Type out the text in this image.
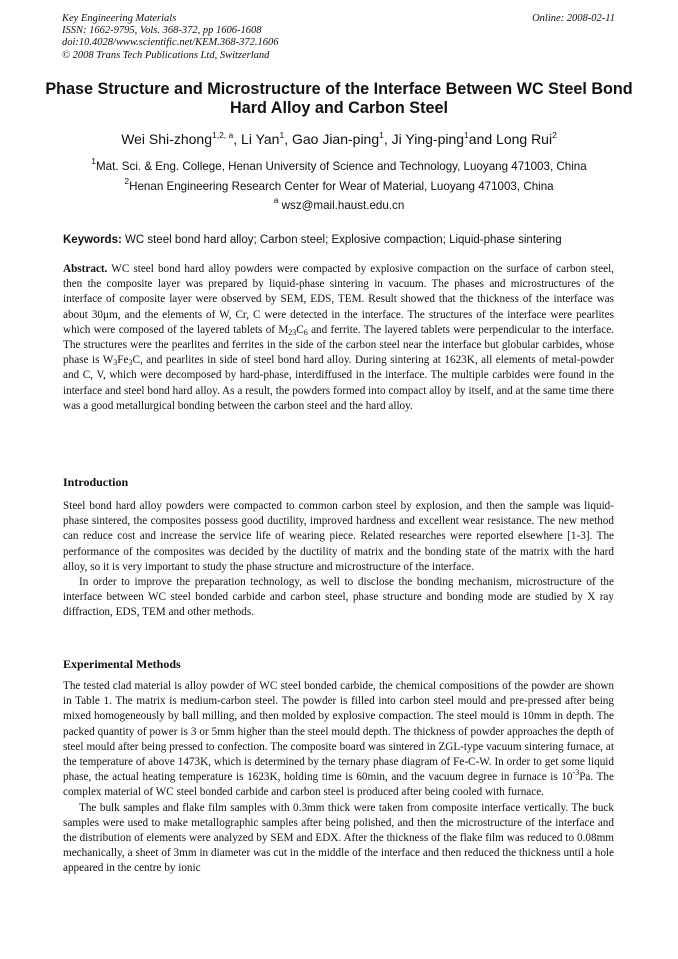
Key Engineering Materials
ISSN: 1662-9795, Vols. 368-372, pp 1606-1608
doi:10.4028/www.scientific.net/KEM.368-372.1606
© 2008 Trans Tech Publications Ltd, Switzerland
Online: 2008-02-11
Phase Structure and Microstructure of the Interface Between WC Steel Bond Hard Alloy and Carbon Steel
Wei Shi-zhong$^{1,2, a}$, Li Yan$^1$, Gao Jian-ping$^1$, Ji Ying-ping$^1$and Long Rui$^2$
$^1$Mat. Sci. & Eng. College, Henan University of Science and Technology, Luoyang 471003, China
$^2$Henan Engineering Research Center for Wear of Material, Luoyang 471003, China
$^a$ wsz@mail.haust.edu.cn
Keywords: WC steel bond hard alloy; Carbon steel; Explosive compaction; Liquid-phase sintering

Abstract. WC steel bond hard alloy powders were compacted by explosive compaction on the surface of carbon steel, then the composite layer was prepared by liquid-phase sintering in vacuum. The phases and microstructures of the interface of composite layer were observed by SEM, EDS, TEM. Result showed that the thickness of the interface was about 30μm, and the elements of W, Cr, C were detected in the interface. The structures of the interface were pearlites which were composed of the layered tablets of $M_{23}C_6$ and ferrite. The layered tablets were perpendicular to the interface. The structures were the pearlites and ferrites in the side of the carbon steel near the interface but globular carbides, whose phase is $W_3Fe_3C$, and pearlites in side of steel bond hard alloy. During sintering at 1623K, all elements of metal-powder and C, V, which were decomposed by hard-phase, interdiffused in the interface. The multiple carbides were found in the interface and steel bond hard alloy. As a result, the powders formed into compact alloy by itself, and at the same time there was a good metallurgical bonding between the carbon steel and the hard alloy.

Introduction

Steel bond hard alloy powders were compacted to common carbon steel by explosion, and then the sample was liquid-phase sintered, the composites possess good ductility, improved hardness and excellent wear resistance. The new method can reduce cost and increase the service life of wearing piece. Related researches were reported elsewhere [1-3]. The performance of the composites was decided by the ductility of matrix and the bonding state of the matrix with the hard alloy, so it is very important to study the phase structure and microstructure of the interface.

In order to improve the preparation technology, as well to disclose the bonding mechanism, microstructure of the interface between WC steel bonded carbide and carbon steel, phase structure and bonding mode are studied by X ray diffraction, EDS, TEM and other methods.

Experimental Methods

The tested clad material is alloy powder of WC steel bonded carbide, the chemical compositions of the powder are shown in Table 1. The matrix is medium-carbon steel. The powder is filled into carbon steel mould and pre-pressed after being mixed homogeneously by ball milling, and then molded by explosive compaction. The steel mould is 10mm in depth. The packed quantity of power is 3 or 5mm higher than the steel mould depth. The thickness of powder approaches the depth of steel mould after being pressed to confection. The composite board was sintered in ZGL-type vacuum sintering furnace, at the temperature of above 1473K, which is determined by the ternary phase diagram of Fe-C-W. In order to get some liquid phase, the actual heating temperature is 1623K, holding time is 60min, and the vacuum degree in furnace is $10^{-3}Pa$. The complex material of WC steel bonded carbide and carbon steel is produced after being cooled with furnace.

The bulk samples and flake film samples with 0.3mm thick were taken from composite interface vertically. The buck samples were used to make metallographic samples after being polished, and then the microstructure of the interface and the distribution of elements were analyzed by SEM and EDX. After the thickness of the flake film was reduced to 0.08mm mechanically, a sheet of 3mm in diameter was cut in the middle of the interface and then reduced the thickness until a hole appeared in the centre by ionic
